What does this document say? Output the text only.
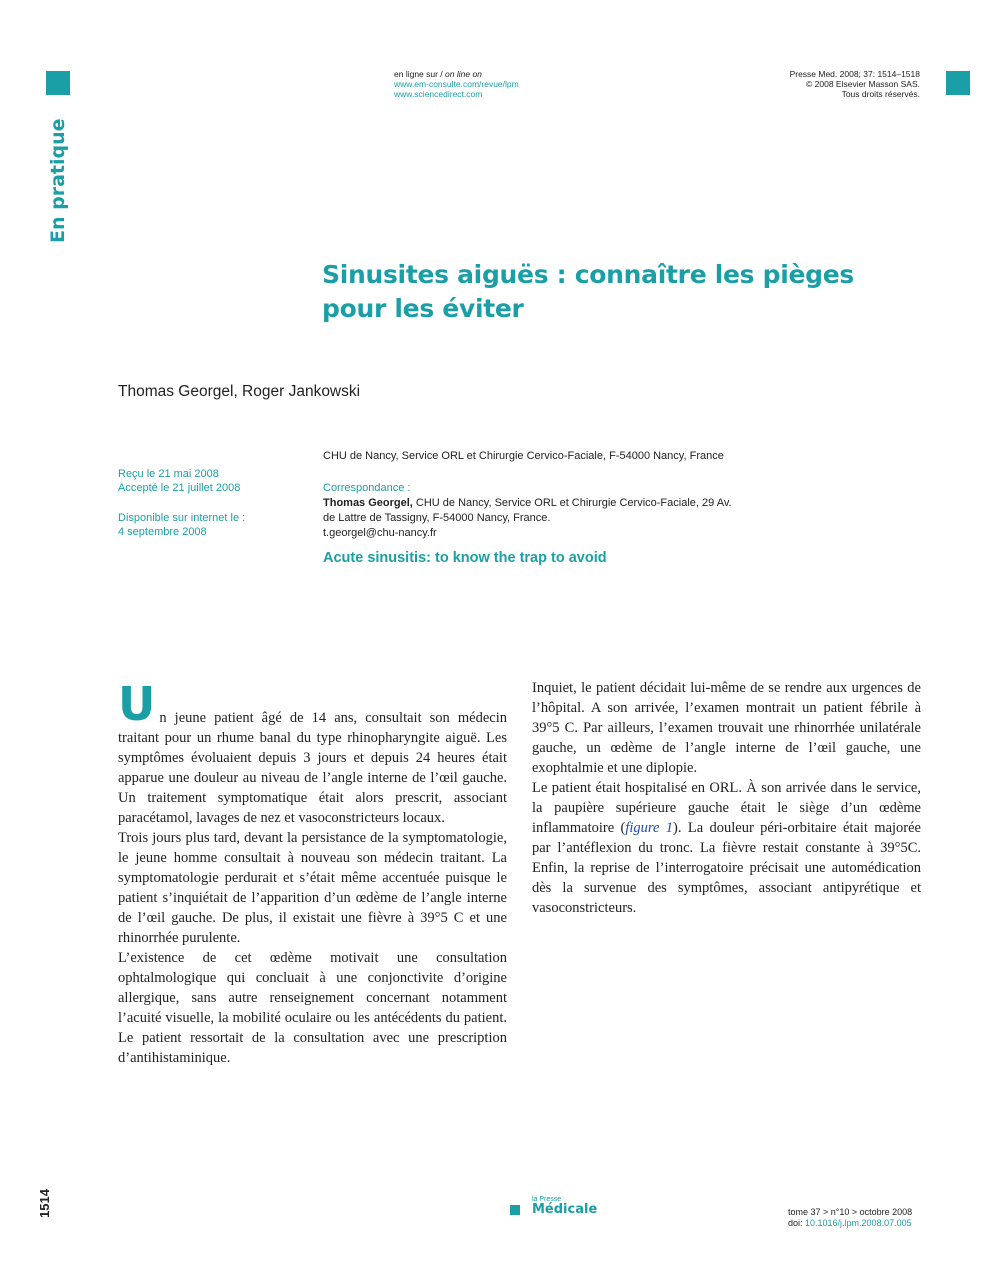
en ligne sur / on line on
www.em-consulte.com/revue/lpm
www.sciencedirect.com
Presse Med. 2008; 37: 1514–1518
© 2008 Elsevier Masson SAS.
Tous droits réservés.
En pratique
Sinusites aiguës : connaître les pièges pour les éviter
Thomas Georgel, Roger Jankowski
CHU de Nancy, Service ORL et Chirurgie Cervico-Faciale, F-54000 Nancy, France

Reçu le 21 mai 2008

Accepté le 21 juillet 2008

Disponible sur internet le :

4 septembre 2008

Correspondance :

Thomas Georgel, CHU de Nancy, Service ORL et Chirurgie Cervico-Faciale, 29 Av. de Lattre de Tassigny, F-54000 Nancy, France.

t.georgel@chu-nancy.fr

Acute sinusitis: to know the trap to avoid
U n jeune patient âgé de 14 ans, consultait son médecin traitant pour un rhume banal du type rhinopharyngite aiguë. Les symptômes évoluaient depuis 3 jours et depuis 24 heures était apparue une douleur au niveau de l’angle interne de l’œil gauche. Un traitement symptomatique était alors prescrit, associant paracétamol, lavages de nez et vasoconstricteurs locaux.

Trois jours plus tard, devant la persistance de la symptomatologie, le jeune homme consultait à nouveau son médecin traitant. La symptomatologie perdurait et s’était même accentuée puisque le patient s’inquiétait de l’apparition d’un œdème de l’angle interne de l’œil gauche. De plus, il existait une fièvre à 39°5 C et une rhinorrhée purulente.

L’existence de cet œdème motivait une consultation ophtalmologique qui concluait à une conjonctivite d’origine allergique, sans autre renseignement concernant notamment l’acuité visuelle, la mobilité oculaire ou les antécédents du patient. Le patient ressortait de la consultation avec une prescription d’antihistaminique.

Inquiet, le patient décidait lui-même de se rendre aux urgences de l’hôpital. A son arrivée, l’examen montrait un patient fébrile à 39°5 C. Par ailleurs, l’examen trouvait une rhinorrhée unilatérale gauche, un œdème de l’angle interne de l’œil gauche, une exophtalmie et une diplopie.

Le patient était hospitalisé en ORL. À son arrivée dans le service, la paupière supérieure gauche était le siège d’un œdème inflammatoire (figure 1). La douleur péri-orbitaire était majorée par l’antéflexion du tronc. La fièvre restait constante à 39°5C. Enfin, la reprise de l’interrogatoire précisait une automédication dès la survenue des symptômes, associant antipyrétique et vasoconstricteurs.

1514	la Presse
Médicale	tome 37 > n°10 > octobre 2008
doi: 10.1016/j.lpm.2008.07.005
